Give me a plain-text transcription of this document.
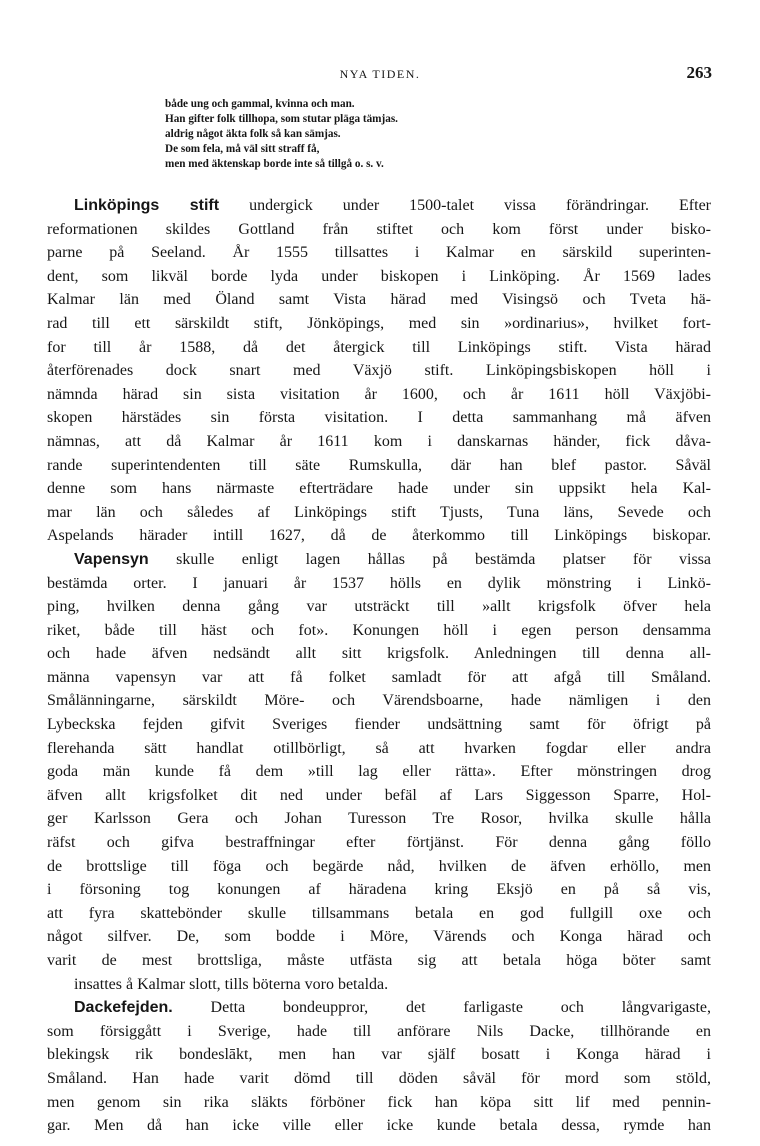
NYA TIDEN.	263
både ung och gammal, kvinna och man.
Han gifter folk tillhopa, som stutar pläga tämjas.
aldrig något äkta folk så kan sämjas.
De som fela, må väl sitt straff få,
men med äktenskap borde inte så tillgå o. s. v.
Linköpings stift undergick under 1500-talet vissa förändringar. Efter
reformationen skildes Gottland från stiftet och kom först under bisko-
parne på Seeland. År 1555 tillsattes i Kalmar en särskild superinten-
dent, som likväl borde lyda under biskopen i Linköping. År 1569 lades
Kalmar län med Öland samt Vista härad med Visingsö och Tveta hä-
rad till ett särskildt stift, Jönköpings, med sin »ordinarius», hvilket fort-
for till år 1588, då det återgick till Linköpings stift. Vista härad
återförenades dock snart med Växjö stift. Linköpingsbiskopen höll i
nämnda härad sin sista visitation år 1600, och år 1611 höll Växjöbi-
skopen härstädes sin första visitation. I detta sammanhang må äfven
nämnas, att då Kalmar år 1611 kom i danskarnas händer, fick dåva-
rande superintendenten till säte Rumskulla, där han blef pastor. Såväl
denne som hans närmaste efterträdare hade under sin uppsikt hela Kal-
mar län och således af Linköpings stift Tjusts, Tuna läns, Sevede och
Aspelands härader intill 1627, då de återkommo till Linköpings biskopar.
Vapensyn skulle enligt lagen hållas på bestämda platser för vissa
bestämda orter. I januari år 1537 hölls en dylik mönstring i Linkö-
ping, hvilken denna gång var utsträckt till »allt krigsfolk öfver hela
riket, både till häst och fot». Konungen höll i egen person densamma
och hade äfven nedsändt allt sitt krigsfolk. Anledningen till denna all-
männa vapensyn var att få folket samladt för att afgå till Småland.
Smålänningarne, särskildt Möre- och Värendsboarne, hade nämligen i den
Lybeckska fejden gifvit Sveriges fiender undsättning samt för öfrigt på
flerehanda sätt handlat otillbörligt, så att hvarken fogdar eller andra
goda män kunde få dem »till lag eller rätta». Efter mönstringen drog
äfven allt krigsfolket dit ned under befäl af Lars Siggesson Sparre, Hol-
ger Karlsson Gera och Johan Turesson Tre Rosor, hvilka skulle hålla
räfst och gifva bestraffningar efter förtjänst. För denna gång föllo
de brottslige till föga och begärde nåd, hvilken de äfven erhöllo, men
i försoning tog konungen af häradena kring Eksjö en på så vis,
att fyra skattebönder skulle tillsammans betala en god fullgill oxe och
något silfver. De, som bodde i Möre, Värends och Konga härad och
varit de mest brottsliga, måste utfästa sig att betala höga böter samt
insattes å Kalmar slott, tills böterna voro betalda.
Dackefejden. Detta bondeuppror, det farligaste och långvarigaste,
som försiggått i Sverige, hade till anförare Nils Dacke, tillhörande en
blekingsk rik bondeslākt, men han var själf bosatt i Konga härad i
Småland. Han hade varit dömd till döden såväl för mord som stöld,
men genom sin rika släkts förböner fick han köpa sitt lif med pennin-
gar. Men då han icke ville eller icke kunde betala dessa, rymde han
